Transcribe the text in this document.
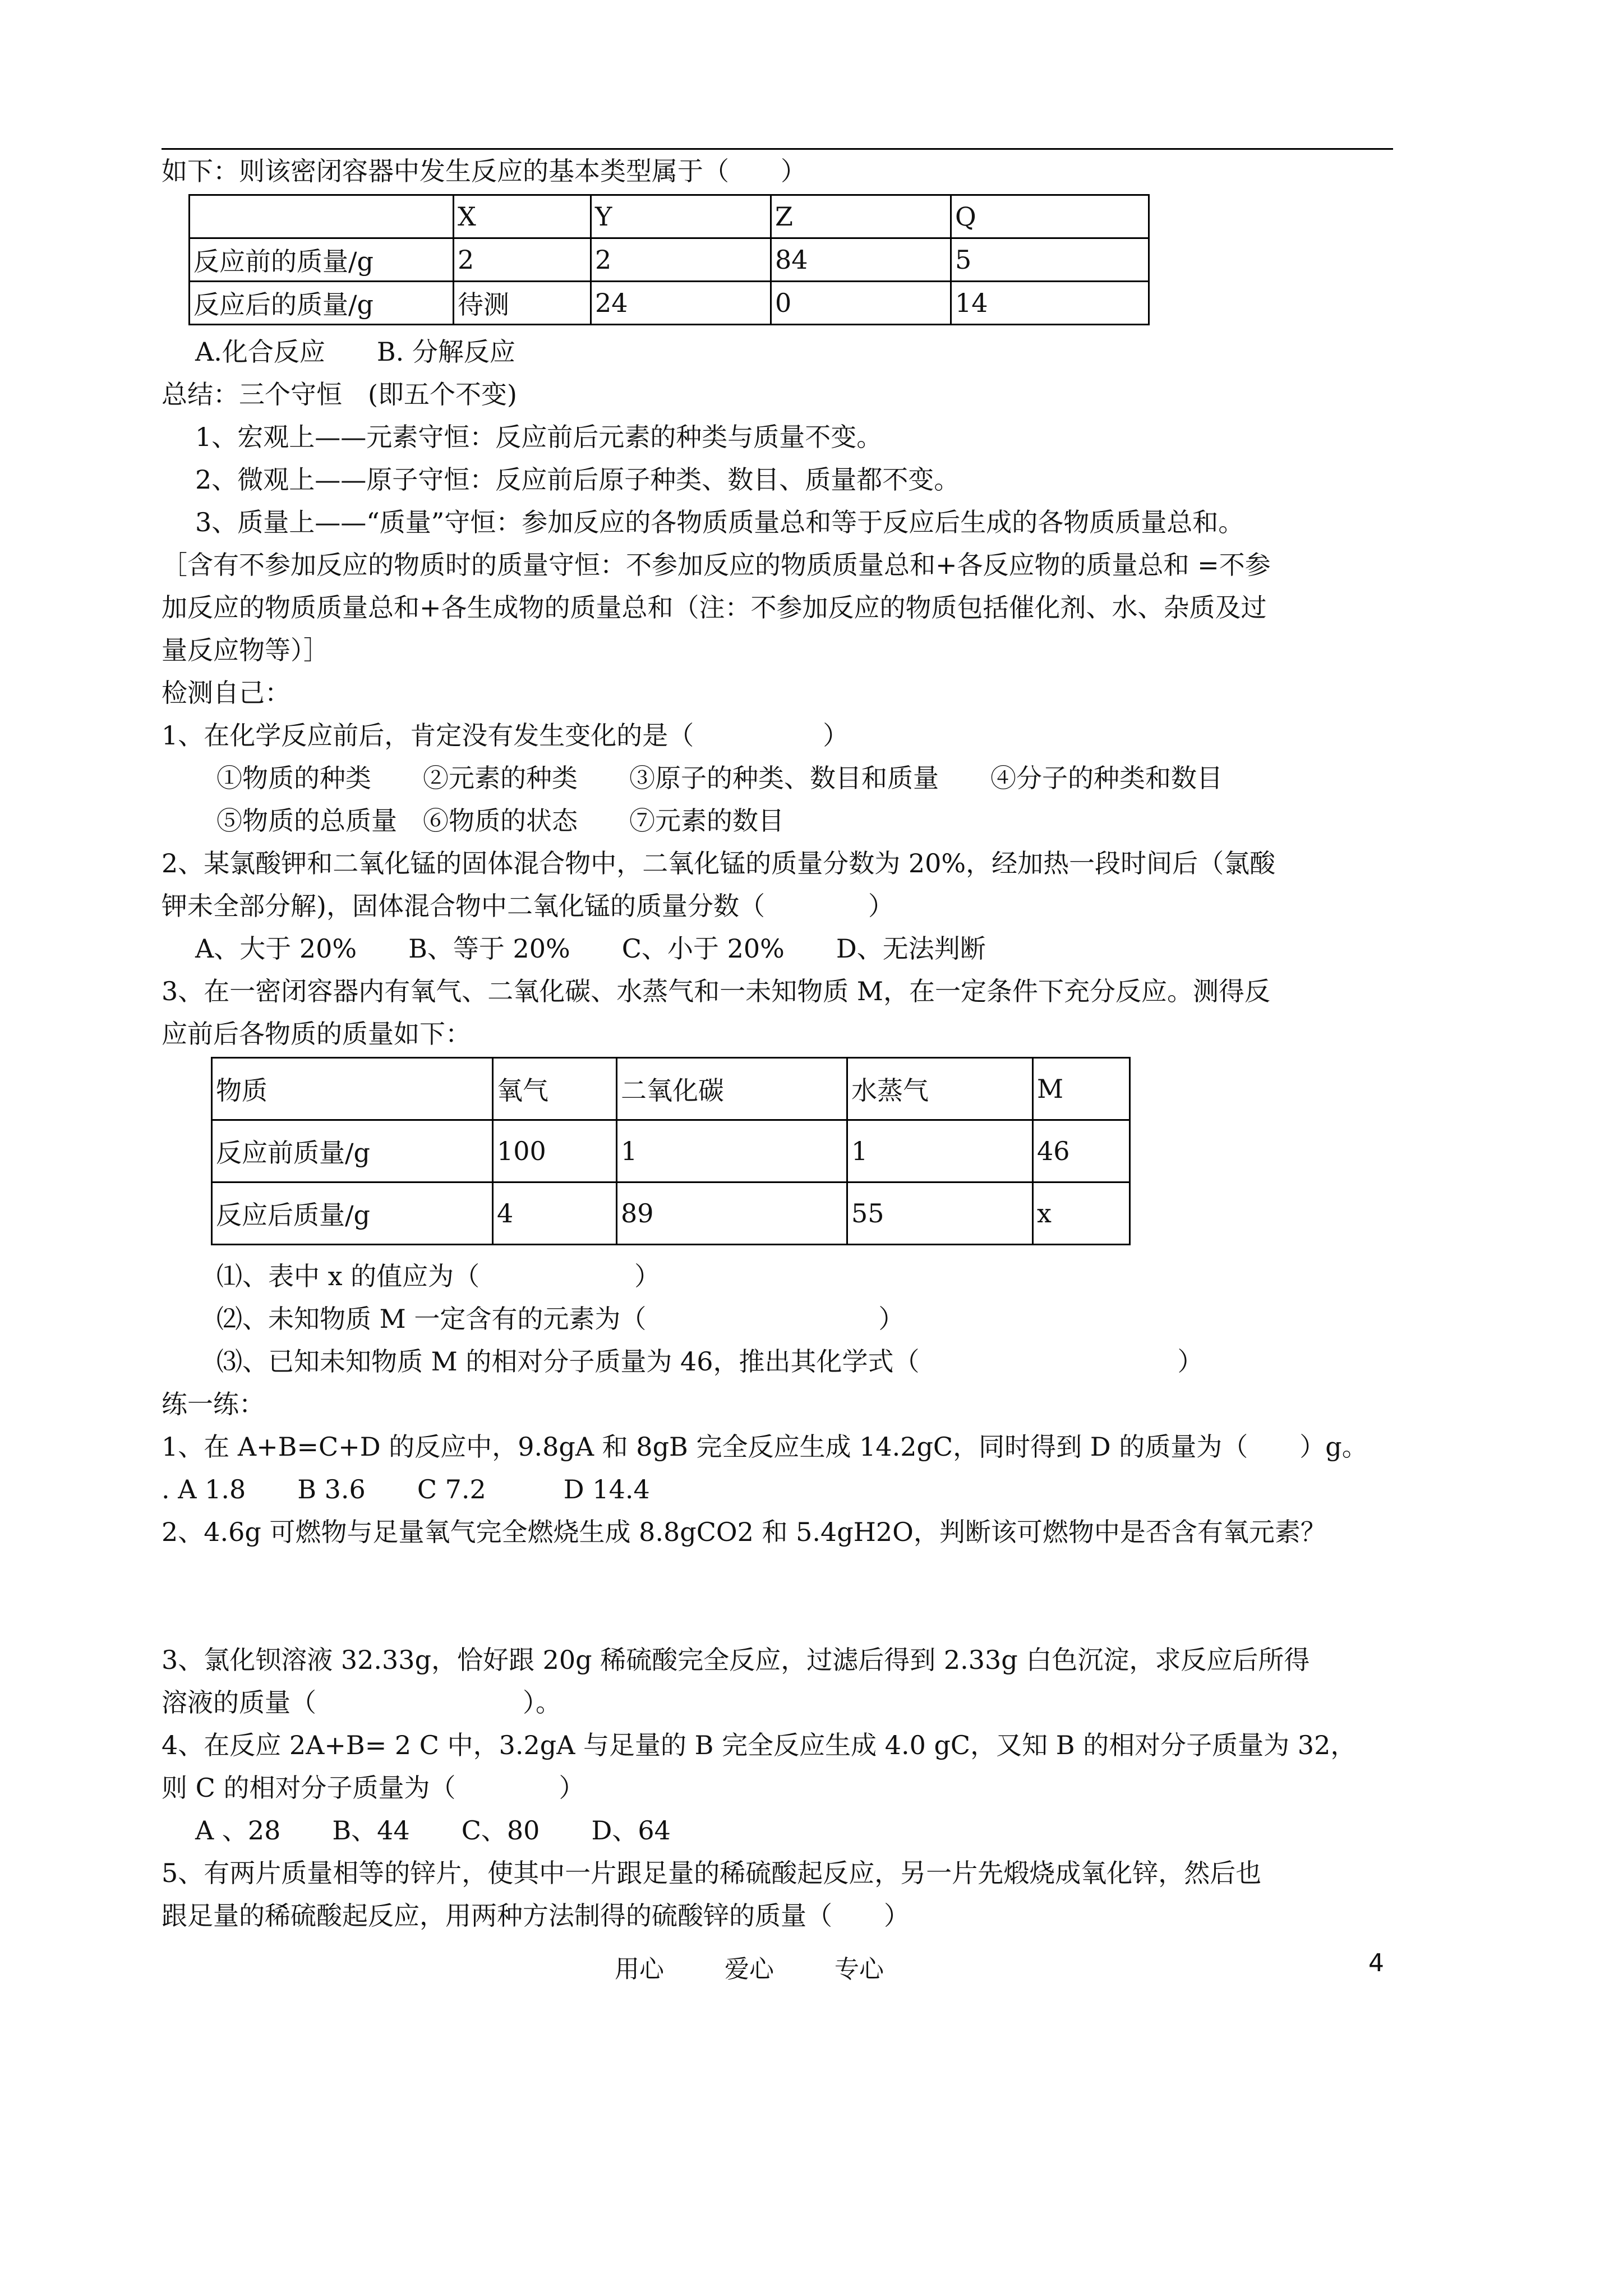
如下：则该密闭容器中发生反应的基本类型属于（　　）
	X	Y	Z	Q
反应前的质量/g	2	2	84	5
反应后的质量/g	待测	24	0	14
A.化合反应　　B. 分解反应
总结：三个守恒　(即五个不变)
1、宏观上——元素守恒：反应前后元素的种类与质量不变。
2、微观上——原子守恒：反应前后原子种类、数目、质量都不变。
3、质量上——“质量”守恒：参加反应的各物质质量总和等于反应后生成的各物质质量总和。
［含有不参加反应的物质时的质量守恒：不参加反应的物质质量总和+各反应物的质量总和 =不参
加反应的物质质量总和+各生成物的质量总和（注：不参加反应的物质包括催化剂、水、杂质及过
量反应物等）］
检测自己：
1、在化学反应前后，肯定没有发生变化的是（　　　　　）
①物质的种类　　②元素的种类　　③原子的种类、数目和质量　　④分子的种类和数目
⑤物质的总质量　⑥物质的状态　　⑦元素的数目
2、某氯酸钾和二氧化锰的固体混合物中，二氧化锰的质量分数为 20%，经加热一段时间后（氯酸
钾未全部分解)，固体混合物中二氧化锰的质量分数（　　　　）
A、大于 20%　　B、等于 20%　　C、小于 20%　　D、无法判断
3、在一密闭容器内有氧气、二氧化碳、水蒸气和一未知物质 M，在一定条件下充分反应。测得反
应前后各物质的质量如下：
物质	氧气	二氧化碳	水蒸气	M
反应前质量/g	100	1	1	46
反应后质量/g	4	89	55	x
⑴、表中 x 的值应为（　　　　　　）
⑵、未知物质 M 一定含有的元素为（　　　　　　　　　）
⑶、已知未知物质 M 的相对分子质量为 46，推出其化学式（　　　　　　　　　　）
练一练：
1、在 A+B=C+D 的反应中，9.8gA 和 8gB 完全反应生成 14.2gC，同时得到 D 的质量为（　　）g。
. A 1.8　　B 3.6　　C 7.2　　　D 14.4
2、4.6g 可燃物与足量氧气完全燃烧生成 8.8gCO2 和 5.4gH2O，判断该可燃物中是否含有氧元素？
3、氯化钡溶液 32.33g，恰好跟 20g 稀硫酸完全反应，过滤后得到 2.33g 白色沉淀，求反应后所得
溶液的质量（　　　　　　　　）。
4、在反应 2A+B= 2 C 中，3.2gA 与足量的 B 完全反应生成 4.0 gC，又知 B 的相对分子质量为 32，
则 C 的相对分子质量为（　　　　）
A 、28　　B、44　　C、80　　D、64
5、有两片质量相等的锌片，使其中一片跟足量的稀硫酸起反应，另一片先煅烧成氧化锌，然后也
跟足量的稀硫酸起反应，用两种方法制得的硫酸锌的质量（　　）
用心 爱心 专心	4
